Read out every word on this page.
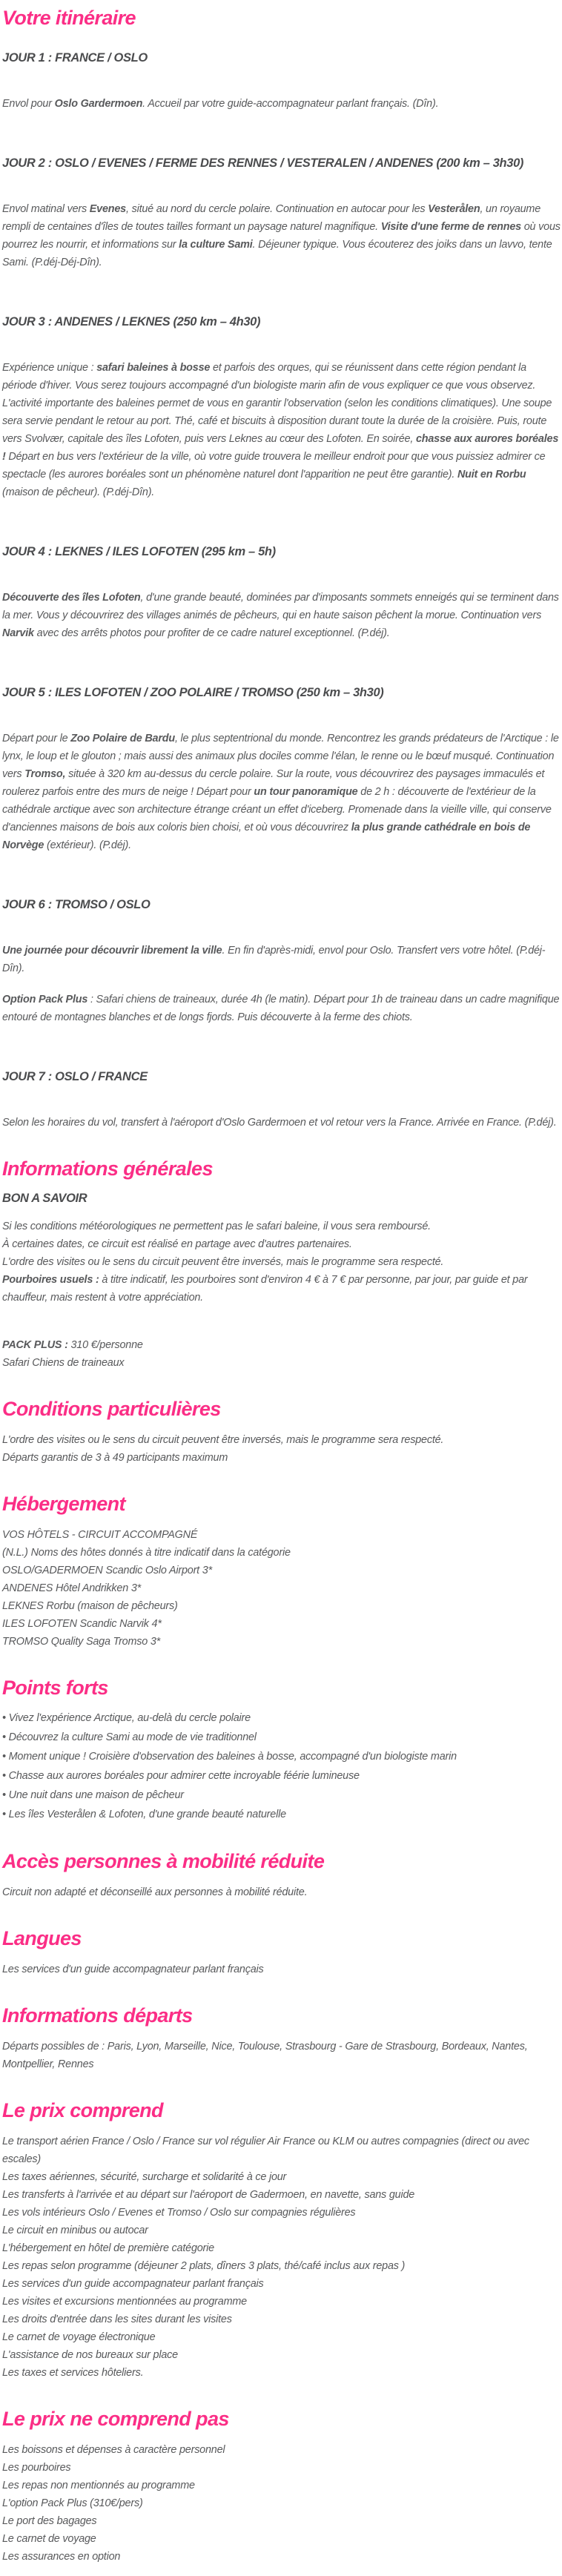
Votre itinéraire
JOUR 1 : FRANCE / OSLO

Envol pour Oslo Gardermoen. Accueil par votre guide-accompagnateur parlant français. (Dîn).

JOUR 2 : OSLO / EVENES / FERME DES RENNES / VESTERALEN / ANDENES (200 km – 3h30)

Envol matinal vers Evenes, situé au nord du cercle polaire. Continuation en autocar pour les Vesterålen, un royaume rempli de centaines d'îles de toutes tailles formant un paysage naturel magnifique. Visite d'une ferme de rennes où vous pourrez les nourrir, et informations sur la culture Sami. Déjeuner typique. Vous écouterez des joiks dans un lavvo, tente Sami. (P.déj-Déj-Dîn).

JOUR 3 : ANDENES / LEKNES (250 km – 4h30)

Expérience unique : safari baleines à bosse et parfois des orques, qui se réunissent dans cette région pendant la période d'hiver. Vous serez toujours accompagné d'un biologiste marin afin de vous expliquer ce que vous observez. L'activité importante des baleines permet de vous en garantir l'observation (selon les conditions climatiques). Une soupe sera servie pendant le retour au port. Thé, café et biscuits à disposition durant toute la durée de la croisière. Puis, route vers Svolvær, capitale des îles Lofoten, puis vers Leknes au cœur des Lofoten. En soirée, chasse aux aurores boréales ! Départ en bus vers l'extérieur de la ville, où votre guide trouvera le meilleur endroit pour que vous puissiez admirer ce spectacle (les aurores boréales sont un phénomène naturel dont l'apparition ne peut être garantie). Nuit en Rorbu (maison de pêcheur). (P.déj-Dîn).

JOUR 4 : LEKNES / ILES LOFOTEN (295 km – 5h)

Découverte des îles Lofoten, d'une grande beauté, dominées par d'imposants sommets enneigés qui se terminent dans la mer. Vous y découvrirez des villages animés de pêcheurs, qui en haute saison pêchent la morue. Continuation vers Narvik avec des arrêts photos pour profiter de ce cadre naturel exceptionnel. (P.déj).

JOUR 5 : ILES LOFOTEN / ZOO POLAIRE / TROMSO (250 km – 3h30)

Départ pour le Zoo Polaire de Bardu, le plus septentrional du monde. Rencontrez les grands prédateurs de l'Arctique : le lynx, le loup et le glouton ; mais aussi des animaux plus dociles comme l'élan, le renne ou le bœuf musqué. Continuation vers Tromso, située à 320 km au-dessus du cercle polaire. Sur la route, vous découvrirez des paysages immaculés et roulerez parfois entre des murs de neige ! Départ pour un tour panoramique de 2 h : découverte de l'extérieur de la cathédrale arctique avec son architecture étrange créant un effet d'iceberg. Promenade dans la vieille ville, qui conserve d'anciennes maisons de bois aux coloris bien choisi, et où vous découvrirez la plus grande cathédrale en bois de Norvège (extérieur). (P.déj).

JOUR 6 : TROMSO / OSLO

Une journée pour découvrir librement la ville. En fin d'après-midi, envol pour Oslo. Transfert vers votre hôtel. (P.déj-Dîn).

Option Pack Plus : Safari chiens de traineaux, durée 4h (le matin). Départ pour 1h de traineau dans un cadre magnifique entouré de montagnes blanches et de longs fjords. Puis découverte à la ferme des chiots.

JOUR 7 : OSLO / FRANCE

Selon les horaires du vol, transfert à l'aéroport d'Oslo Gardermoen et vol retour vers la France. Arrivée en France. (P.déj).

Informations générales
BON A SAVOIR
Si les conditions météorologiques ne permettent pas le safari baleine, il vous sera remboursé.
À certaines dates, ce circuit est réalisé en partage avec d'autres partenaires.
L'ordre des visites ou le sens du circuit peuvent être inversés, mais le programme sera respecté.
Pourboires usuels : à titre indicatif, les pourboires sont d'environ 4 € à 7 € par personne, par jour, par guide et par chauffeur, mais restent à votre appréciation.
PACK PLUS : 310 €/personne
Safari Chiens de traineaux
Conditions particulières
L'ordre des visites ou le sens du circuit peuvent être inversés, mais le programme sera respecté.
Départs garantis de 3 à 49 participants maximum
Hébergement
VOS HÔTELS - CIRCUIT ACCOMPAGNÉ
(N.L.) Noms des hôtes donnés à titre indicatif dans la catégorie
OSLO/GADERMOEN Scandic Oslo Airport 3*
ANDENES Hôtel Andrikken 3*
LEKNES Rorbu (maison de pêcheurs)
ILES LOFOTEN Scandic Narvik 4*
TROMSO Quality Saga Tromso 3*
Points forts
• Vivez l'expérience Arctique, au-delà du cercle polaire
• Découvrez la culture Sami au mode de vie traditionnel
• Moment unique ! Croisière d'observation des baleines à bosse, accompagné d'un biologiste marin
• Chasse aux aurores boréales pour admirer cette incroyable féérie lumineuse
• Une nuit dans une maison de pêcheur
• Les îles Vesterålen & Lofoten, d'une grande beauté naturelle
Accès personnes à mobilité réduite
Circuit non adapté et déconseillé aux personnes à mobilité réduite.
Langues
Les services d'un guide accompagnateur parlant français
Informations départs
Départs possibles de : Paris, Lyon, Marseille, Nice, Toulouse, Strasbourg - Gare de Strasbourg, Bordeaux, Nantes, Montpellier, Rennes
Le prix comprend
Le transport aérien France / Oslo / France sur vol régulier Air France ou KLM ou autres compagnies (direct ou avec escales)
Les taxes aériennes, sécurité, surcharge et solidarité à ce jour
Les transferts à l'arrivée et au départ sur l'aéroport de Gadermoen, en navette, sans guide
Les vols intérieurs Oslo / Evenes et Tromso / Oslo sur compagnies régulières
Le circuit en minibus ou autocar
L'hébergement en hôtel de première catégorie
Les repas selon programme (déjeuner 2 plats, dîners 3 plats, thé/café inclus aux repas )
Les services d'un guide accompagnateur parlant français
Les visites et excursions mentionnées au programme
Les droits d'entrée dans les sites durant les visites
Le carnet de voyage électronique
L'assistance de nos bureaux sur place
Les taxes et services hôteliers.
Le prix ne comprend pas
Les boissons et dépenses à caractère personnel
Les pourboires
Les repas non mentionnés au programme
L'option Pack Plus (310€/pers)
Le port des bagages
Le carnet de voyage
Les assurances en option
